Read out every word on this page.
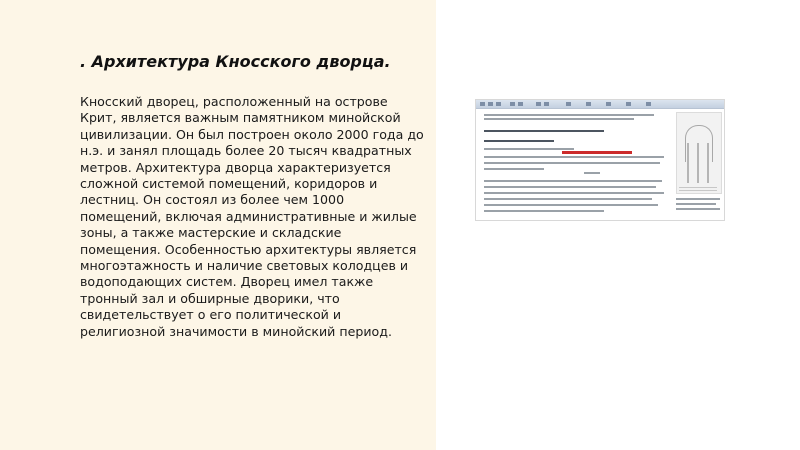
. Архитектура Кносского дворца.

Кносский дворец, расположенный на острове Крит, является важным памятником минойской цивилизации. Он был построен около 2000 года до н.э. и занял площадь более 20 тысяч квадратных метров. Архитектура дворца характеризуется сложной системой помещений, коридоров и лестниц. Он состоял из более чем 1000 помещений, включая административные и жилые зоны, а также мастерские и складские помещения. Особенностью архитектуры является многоэтажность и наличие световых колодцев и водоподающих систем. Дворец имел также тронный зал и обширные дворики, что свидетельствует о его политической и религиозной значимости в минойский период.
